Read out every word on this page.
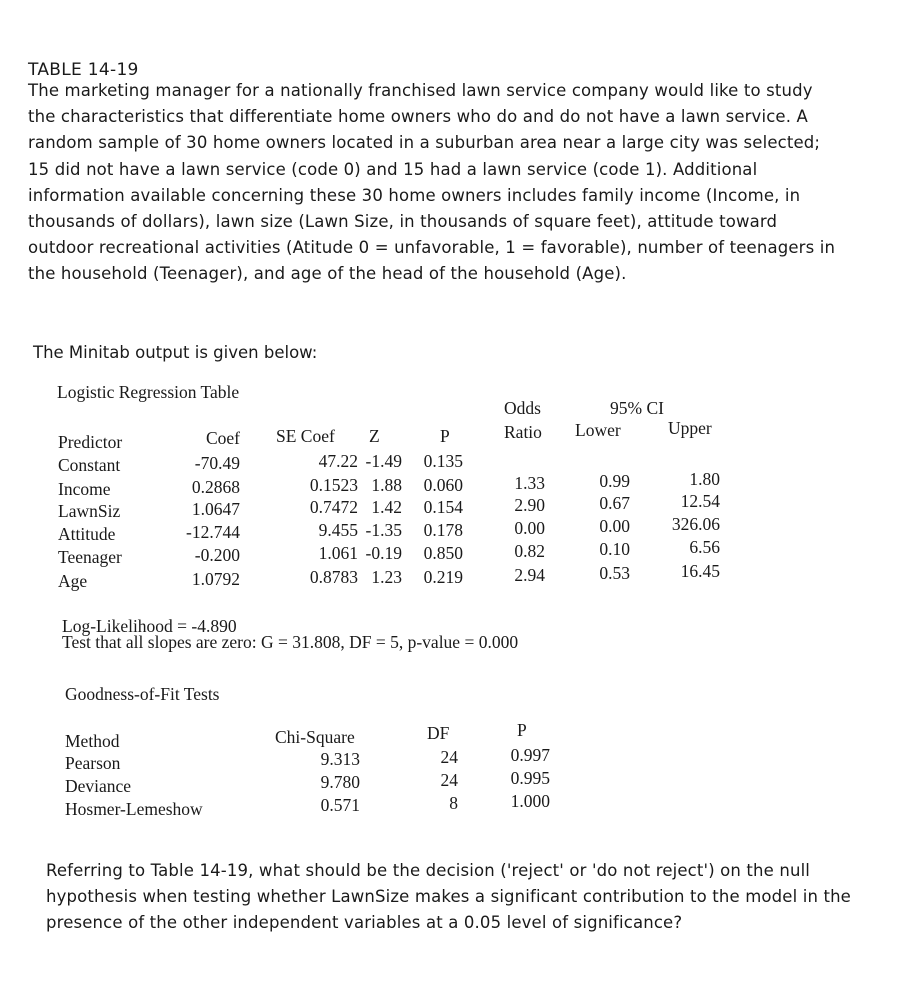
TABLE 14-19
The marketing manager for a nationally franchised lawn service company would like to study the characteristics that differentiate home owners who do and do not have a lawn service. A random sample of 30 home owners located in a suburban area near a large city was selected; 15 did not have a lawn service (code 0) and 15 had a lawn service (code 1). Additional information available concerning these 30 home owners includes family income (Income, in thousands of dollars), lawn size (Lawn Size, in thousands of square feet), attitude toward outdoor recreational activities (Atitude 0 = unfavorable, 1 = favorable), number of teenagers in the household (Teenager), and age of the head of the household (Age).
The Minitab output is given below:
Logistic Regression Table
Odds	95% CI
Predictor	Coef SE Coef Z	P	Ratio Lower	Upper
Constant	-70.49	47.22 -1.49	0.135
Income	0.2868	0.1523 1.88	0.060	1.33	0.99	1.80
LawnSiz	1.0647	0.7472 1.42	0.154	2.90	0.67	12.54
Attitude	-12.744	9.455 -1.35	0.178	0.00	0.00	326.06
Teenager	-0.200	1.061 -0.19	0.850	0.82	0.10	6.56
Age	1.0792	0.8783 1.23	0.219	2.94	0.53	16.45
Log-Likelihood = -4.890
Test that all slopes are zero: G = 31.808, DF = 5, p-value = 0.000
Goodness-of-Fit Tests
Method	Chi-Square	DF	P
Pearson	9.313	24	0.997
Deviance	9.780	24	0.995
Hosmer-Lemeshow	0.571	8	1.000
Referring to Table 14-19, what should be the decision ('reject' or 'do not reject') on the null hypothesis when testing whether LawnSize makes a significant contribution to the model in the presence of the other independent variables at a 0.05 level of significance?
